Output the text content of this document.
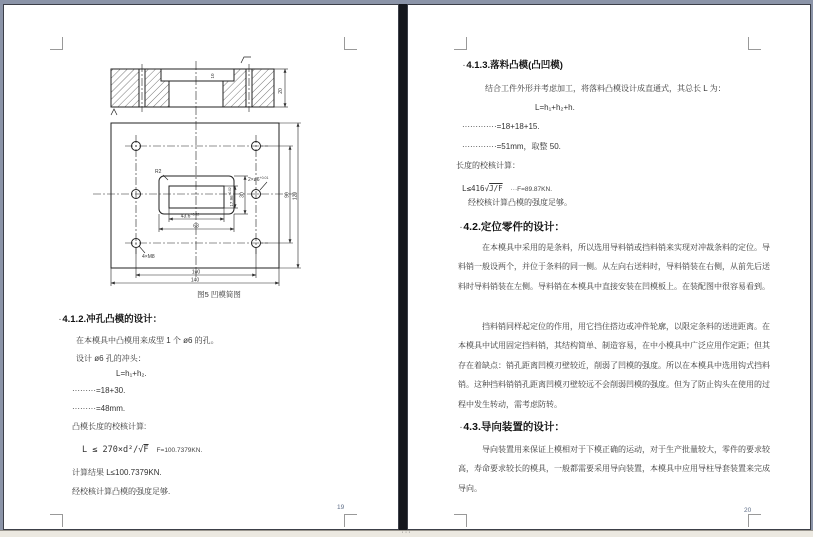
20
10
R2
$2\times ø6^{+0.01}$
4×M8
$43.6^{+0.02}$
68
100
140
$17.96^{+0.02}$	30	90 120
图5 凹模简图
·4.1.2.冲孔凸模的设计：
在本模具中凸模用来成型 1 个 ø6 的孔。
设计 ø6 孔的冲头：
L=h₁+h₂.
·········=18+30.
·········=48mm.
凸模长度的校核计算:
L ≤ 270×d²/√F F=100.7379KN.
计算结果 L≤100.7379KN.
经校核计算凸模的强度足够.
19
·4.1.3.落料凸模(凸凹模)
结合工件外形并考虑加工，将落料凸模设计成直通式，其总长 L 为：
L=h₁+h₂+h.
·············=18+18+15.
·············=51mm，取整 50.
长度的校核计算：
L≤416√J/F ···F=89.87KN.
经校核计算凸模的强度足够。
·4.2.定位零件的设计：
在本模具中采用的是条料，所以选用导料销或挡料销来实现对冲裁条料的定位。导料销一般设两个，并位于条料的同一侧。从左向右送料时，导料销装在右侧，从前先后送料时导料销装在左侧。导料销在本模具中直接安装在凹模板上。在装配图中很容易看到。
挡料销同样起定位的作用，用它挡住搭边或冲件轮廓，以限定条料的送进距离。在本模具中试用固定挡料销，其结构简单、制造容易，在中小模具中广泛应用作定距；但其存在着缺点：销孔距离凹模刃壁较近，削弱了凹模的强度。所以在本模具中选用钩式挡料销。这种挡料销销孔距离凹模刃壁较远不会削弱凹模的强度。但为了防止钩头在使用的过程中发生转动，需考虑防转。
·4.3.导向装置的设计：
导向装置用来保证上模相对于下模正确的运动，对于生产批量较大，零件的要求较高，寿命要求较长的模具，一般都需要采用导向装置，本模具中应用导柱导套装置来完成导向。
20
···
